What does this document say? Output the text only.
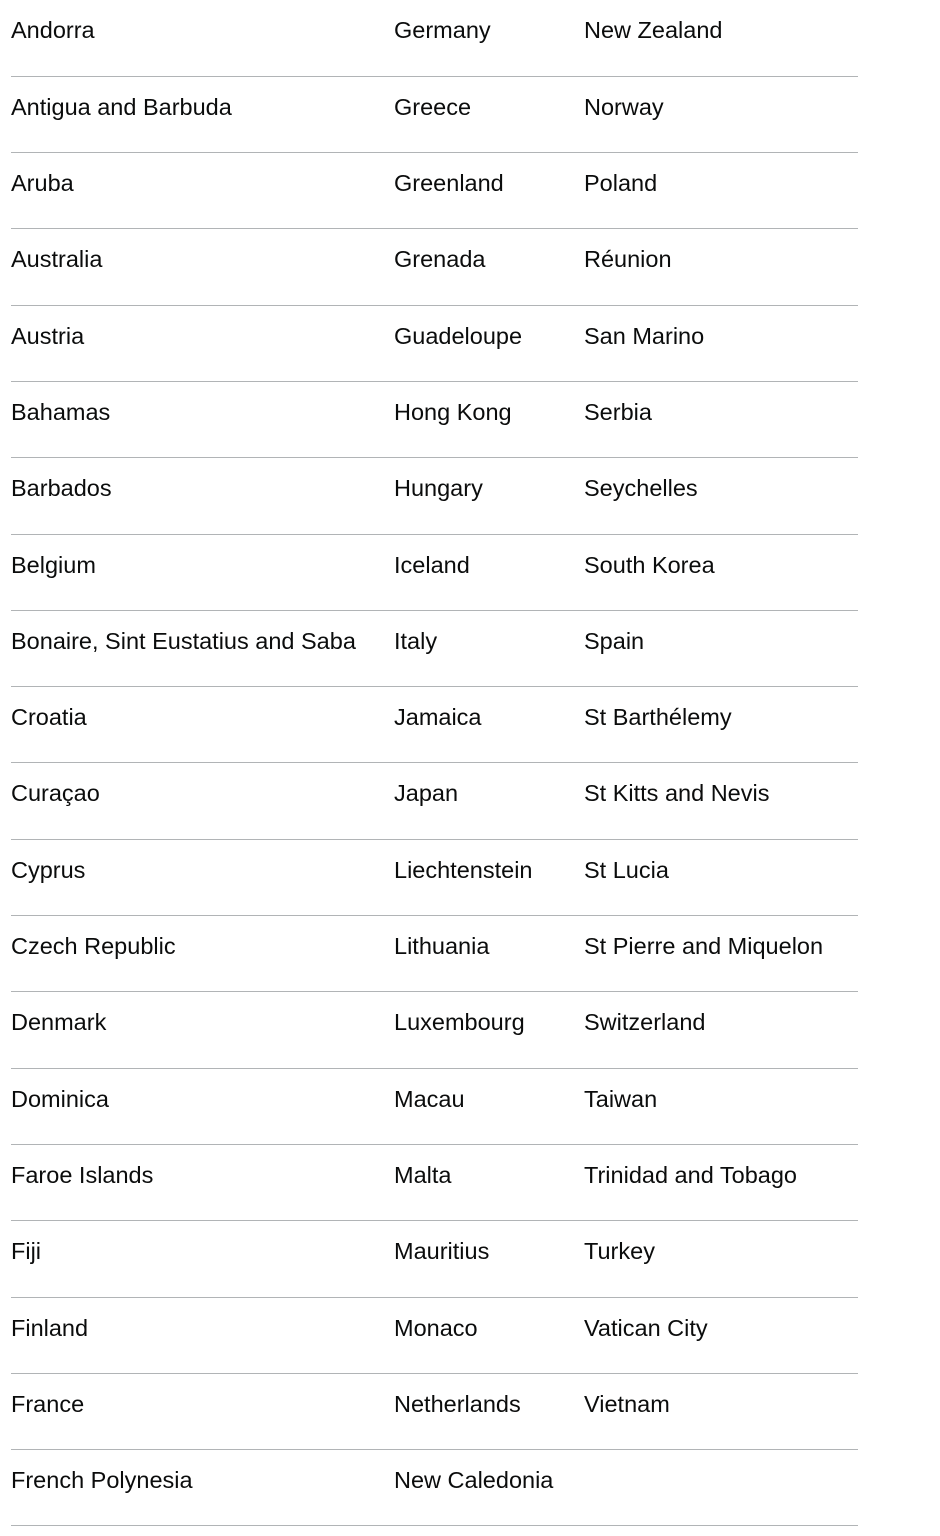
Andorra	Germany	New Zealand
Antigua and Barbuda	Greece	Norway
Aruba	Greenland	Poland
Australia	Grenada	Réunion
Austria	Guadeloupe	San Marino
Bahamas	Hong Kong	Serbia
Barbados	Hungary	Seychelles
Belgium	Iceland	South Korea
Bonaire, Sint Eustatius and Saba	Italy	Spain
Croatia	Jamaica	St Barthélemy
Curaçao	Japan	St Kitts and Nevis
Cyprus	Liechtenstein	St Lucia
Czech Republic	Lithuania	St Pierre and Miquelon
Denmark	Luxembourg	Switzerland
Dominica	Macau	Taiwan
Faroe Islands	Malta	Trinidad and Tobago
Fiji	Mauritius	Turkey
Finland	Monaco	Vatican City
France	Netherlands	Vietnam
French Polynesia	New Caledonia	
